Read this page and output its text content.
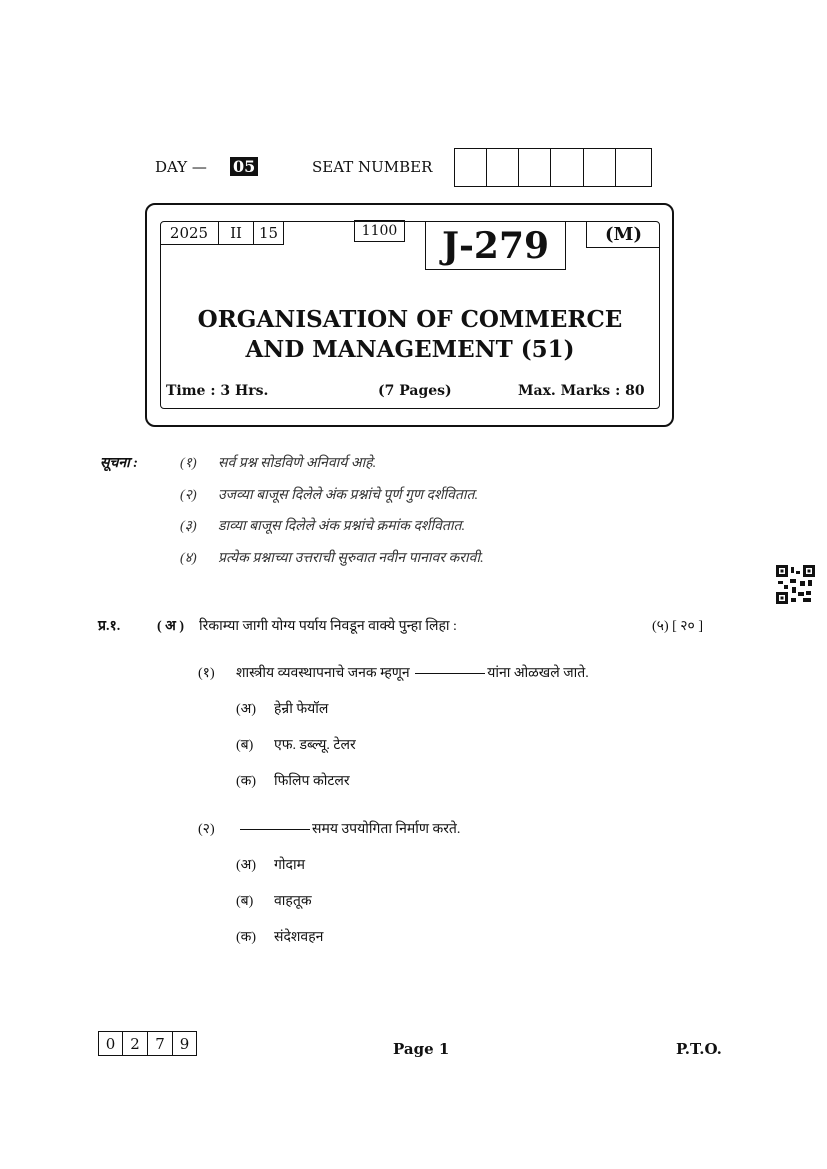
DAY — 05	SEAT NUMBER
2025	II	15	1100	J-279	(M)
ORGANISATION OF COMMERCE
AND MANAGEMENT (51)
Time : 3 Hrs.	(7 Pages)	Max. Marks : 80
सूचना :	(१) सर्व प्रश्न सोडविणे अनिवार्य आहे.
(२) उजव्या बाजूस दिलेले अंक प्रश्नांचे पूर्ण गुण दर्शवितात.
(३) डाव्या बाजूस दिलेले अंक प्रश्नांचे क्रमांक दर्शवितात.
(४) प्रत्येक प्रश्नाच्या उत्तराची सुरुवात नवीन पानावर करावी.
प्र.१.	( अ ) रिकाम्या जागी योग्य पर्याय निवडून वाक्ये पुन्हा लिहा :	(५) [ २० ]
(१) शास्त्रीय व्यवस्थापनाचे जनक म्हणून	यांना ओळखले जाते.
(अ) हेन्री फेयॉल
(ब) एफ. डब्ल्यू. टेलर
(क) फिलिप कोटलर
(२)	समय उपयोगिता निर्माण करते.
(अ) गोदाम
(ब) वाहतूक
(क) संदेशवहन
0 2	7 9	Page 1	P.T.O.
